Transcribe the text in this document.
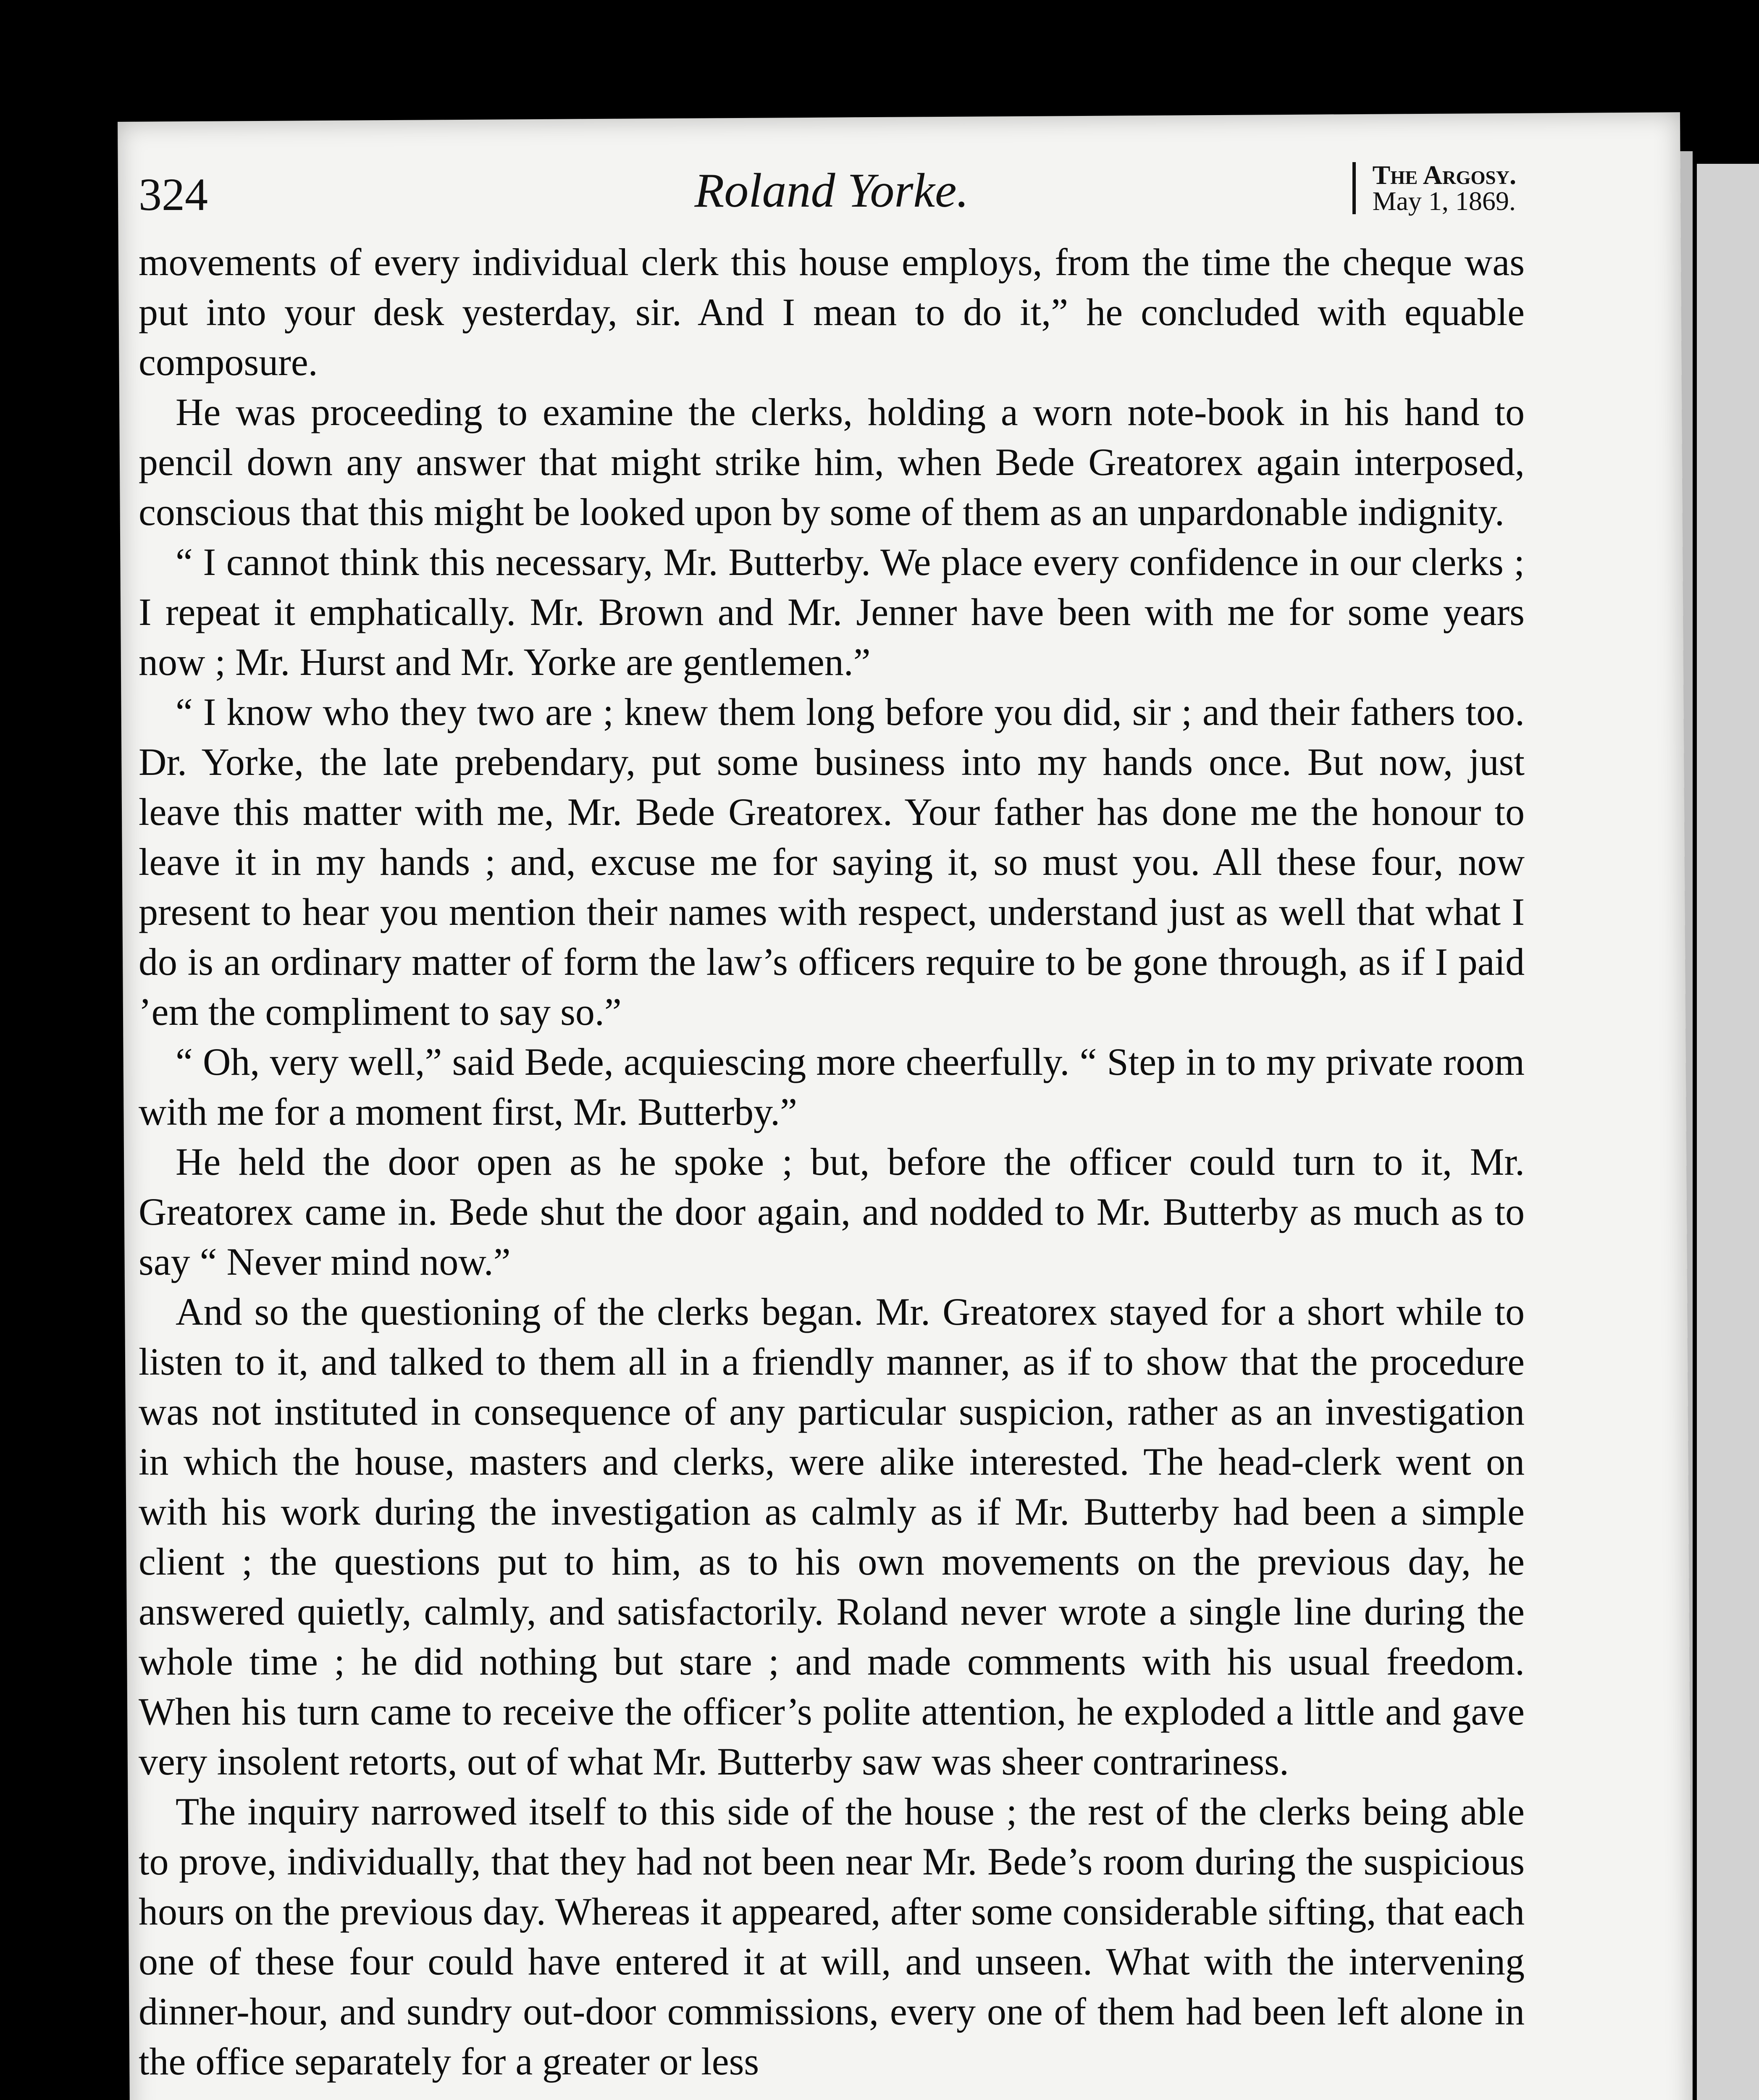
324	Roland Yorke.	The Argosy.
May 1, 1869.

movements of every individual clerk this house employs, from the time the cheque was put into your desk yesterday, sir. And I mean to do it,” he concluded with equable composure.

He was proceeding to examine the clerks, holding a worn note-book in his hand to pencil down any answer that might strike him, when Bede Greatorex again interposed, conscious that this might be looked upon by some of them as an unpardonable indignity.

“ I cannot think this necessary, Mr. Butterby. We place every confidence in our clerks ; I repeat it emphatically. Mr. Brown and Mr. Jenner have been with me for some years now ; Mr. Hurst and Mr. Yorke are gentlemen.”

“ I know who they two are ; knew them long before you did, sir ; and their fathers too. Dr. Yorke, the late prebendary, put some business into my hands once. But now, just leave this matter with me, Mr. Bede Greatorex. Your father has done me the honour to leave it in my hands ; and, excuse me for saying it, so must you. All these four, now present to hear you mention their names with respect, understand just as well that what I do is an ordinary matter of form the law’s officers require to be gone through, as if I paid ’em the compliment to say so.”

“ Oh, very well,” said Bede, acquiescing more cheerfully. “ Step in to my private room with me for a moment first, Mr. Butterby.”

He held the door open as he spoke ; but, before the officer could turn to it, Mr. Greatorex came in. Bede shut the door again, and nodded to Mr. Butterby as much as to say “ Never mind now.”

And so the questioning of the clerks began. Mr. Greatorex stayed for a short while to listen to it, and talked to them all in a friendly manner, as if to show that the procedure was not instituted in consequence of any particular suspicion, rather as an investigation in which the house, masters and clerks, were alike interested. The head-clerk went on with his work during the investigation as calmly as if Mr. Butterby had been a simple client ; the questions put to him, as to his own movements on the previous day, he answered quietly, calmly, and satisfactorily. Roland never wrote a single line during the whole time ; he did nothing but stare ; and made comments with his usual freedom. When his turn came to receive the officer’s polite attention, he exploded a little and gave very insolent retorts, out of what Mr. Butterby saw was sheer contrariness.

The inquiry narrowed itself to this side of the house ; the rest of the clerks being able to prove, individually, that they had not been near Mr. Bede’s room during the suspicious hours on the previous day. Whereas it appeared, after some considerable sifting, that each one of these four could have entered it at will, and unseen. What with the intervening dinner-hour, and sundry out-door commissions, every one of them had been left alone in the office separately for a greater or less
